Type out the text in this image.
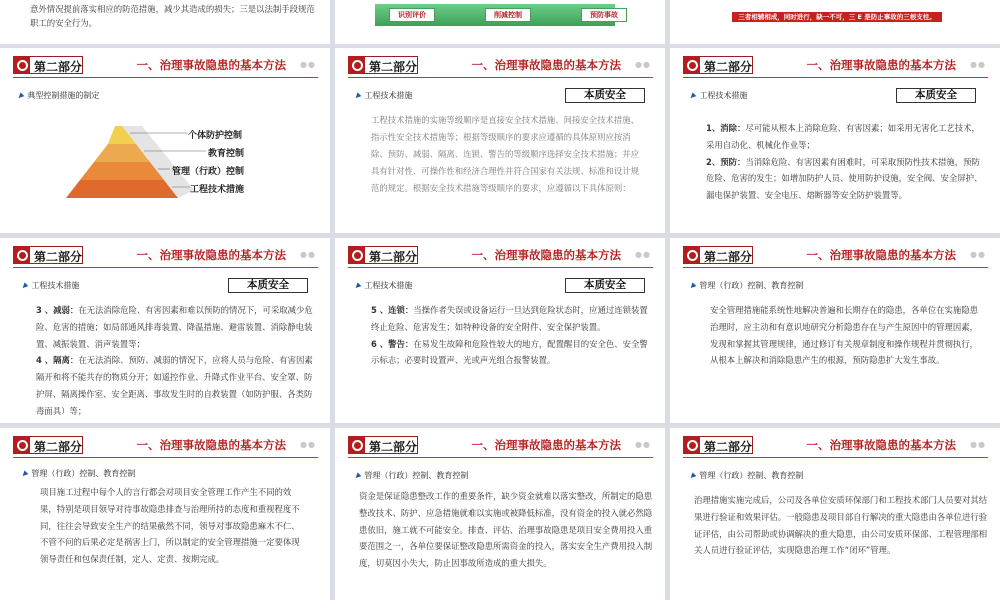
意外情况提前落实相应的防范措施，减少其造成的损失；三是以法制手段规范职工的安全行为。
识别评价	削减控制	预防事故	三者相辅相成，同时进行，缺一不可，三 E 是防止事故的三根支柱。
第二部分	一、治理事故隐患的基本方法 ●●
▼ 典型控制措施的制定
个体防护控制
教育控制
管理（行政）控制
工程技术措施
第二部分	一、治理事故隐患的基本方法 ●●
▼ 工程技术措施	本质安全
工程技术措施的实施等级顺序是直接安全技术措施、间接安全技术措施、指示性安全技术措施等；根据等级顺序的要求应遵循的具体原则应按消除、预防、减弱、隔离、连锁、警告的等级顺序选择安全技术措施；并应具有针对性、可操作性和经济合理性并符合国家有关法规、标准和设计规范的规定。根据安全技术措施等级顺序的要求，应遵循以下具体原则：
第二部分	一、治理事故隐患的基本方法 ●●
▼ 工程技术措施	本质安全

1、消除：尽可能从根本上消除危险、有害因素；如采用无害化工艺技术，采用自动化、机械化作业等；

2、预防：当消除危险、有害因素有困难时，可采取预防性技术措施，预防危险、危害的发生；如增加防护人员、使用防护设施，安全阀、安全屏护、漏电保护装置、安全电压、熔断器等安全防护装置等。

第二部分	一、治理事故隐患的基本方法 ●●
▼ 工程技术措施	本质安全

3 、减弱：在无法消除危险、有害因素和难以预防的情况下，可采取减少危险、危害的措施；如局部通风排毒装置、降温措施、避雷装置、消除静电装置、减振装置、消声装置等；

4 、隔离：在无法消除、预防、减弱的情况下，应将人员与危险、有害因素隔开和将不能共存的物质分开；如遥控作业、升降式作业平台、安全罩、防护屏、隔离操作室、安全距离、事故发生时的自救装置（如防护服、各类防毒面具）等；

第二部分	一、治理事故隐患的基本方法 ●●
▼ 工程技术措施	本质安全

5 、连锁：当操作者失误或设备运行一旦达到危险状态时，应通过连锁装置终止危险、危害发生；如特种设备的安全附件、安全保护装置。

6 、警告：在易发生故障和危险性较大的地方，配置醒目的安全色、安全警示标志；必要时设置声、光或声光组合报警装置。

第二部分	一、治理事故隐患的基本方法 ●●
▼ 管理（行政）控制、教育控制
安全管理措施能系统性地解决普遍和长期存在的隐患，各单位在实施隐患治理时，应主动和有意识地研究分析隐患存在与产生原因中的管理因素，发现和掌握其管理规律，通过修订有关规章制度和操作规程并贯彻执行，从根本上解决和消除隐患产生的根源，预防隐患扩大发生事故。
第二部分	一、治理事故隐患的基本方法 ●●
▼ 管理（行政）控制、教育控制
项目施工过程中每个人的言行都会对项目安全管理工作产生不同的效果，特别是项目领导对待事故隐患排查与治理所持的态度和重视程度不同，往往会导致安全生产的结果截然不同，领导对事故隐患麻木不仁、不管不问的后果必定是祸害上门，所以制定的安全管理措施一定要体现领导责任和包保责任制，定人、定责、按期完成。
第二部分	一、治理事故隐患的基本方法 ●●
▼ 管理（行政）控制、教育控制
资金是保证隐患整改工作的重要条件，缺少资金就难以落实整改，所制定的隐患整改技术、防护、应急措施就难以实施或被降低标准，没有资金的投入就必然隐患依旧，施工就不可能安全。排查、评估、治理事故隐患是项目安全费用投入重要范围之一，各单位要保证整改隐患所需资金的投入，落实安全生产费用投入制度，切莫因小失大，防止因事故所造成的重大损失。
第二部分	一、治理事故隐患的基本方法 ●●
▼ 管理（行政）控制、教育控制
治理措施实施完成后，公司及各单位安质环保部门和工程技术部门人员要对其结果进行验证和效果评估。一般隐患及项目部自行解决的重大隐患由各单位进行验证评估，由公司帮助或协调解决的重大隐患，由公司安质环保部、工程管理部相关人员进行验证评估，实现隐患治理工作“闭环”管理。
